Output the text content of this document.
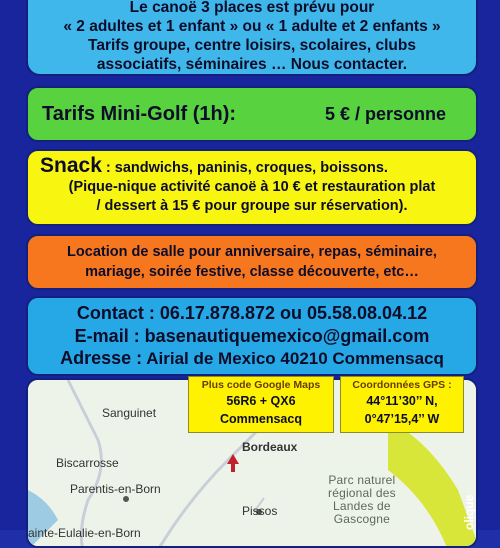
Le canoë 3 places est prévu pour
« 2 adultes et 1 enfant » ou « 1 adulte et 2 enfants »
Tarifs groupe, centre loisirs, scolaires, clubs
associatifs, séminaires … Nous contacter.
Tarifs Mini-Golf (1h):	5 € / personne
Snack : sandwichs, paninis, croques, boissons.
(Pique-nique activité canoë à 10 € et restauration plat
/ dessert à 15 € pour groupe sur réservation).
Location de salle pour anniversaire, repas, séminaire,
mariage, soirée festive, classe découverte, etc…
Contact : 06.17.878.872 ou 05.58.08.04.12
E-mail : basenautiquemexico@gmail.com
Adresse : Airial de Mexico 40210 Commensacq
Sanguinet
Biscarrosse
Parentis-en-Born
Pissos
ainte-Eulalie-en-Born
Bordeaux
Parc naturel
régional des
Landes de
Gascogne
Plus code Google Maps
56R6 + QX6
Commensacq
Coordonnées GPS :
44°11’30’’ N,
0°47’15,4’’ W
olique
